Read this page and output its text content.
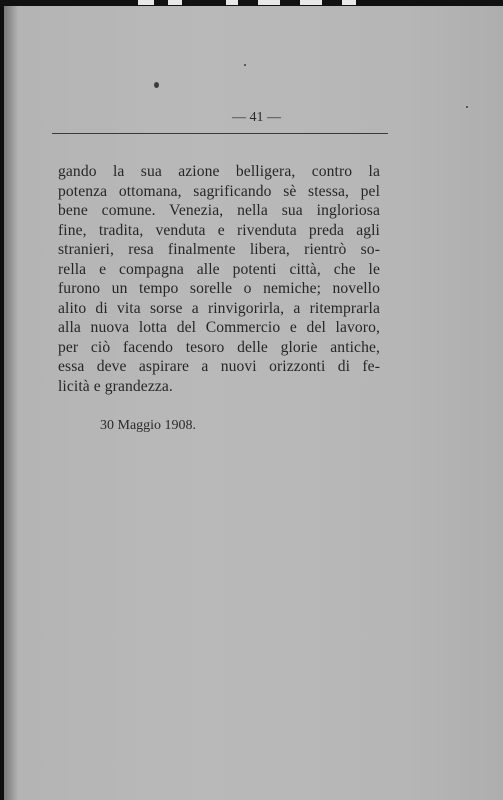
— 41 —

gando la sua azione belligera, contro la
potenza ottomana, sagrificando sè stessa, pel
bene comune. Venezia, nella sua ingloriosa
fine, tradita, venduta e rivenduta preda agli
stranieri, resa finalmente libera, rientrò so-
rella e compagna alle potenti città, che le
furono un tempo sorelle o nemiche; novello
alito di vita sorse a rinvigorirla, a ritemprarla
alla nuova lotta del Commercio e del lavoro,
per ciò facendo tesoro delle glorie antiche,
essa deve aspirare a nuovi orizzonti di fe-
licità e grandezza.

30 Maggio 1908.
